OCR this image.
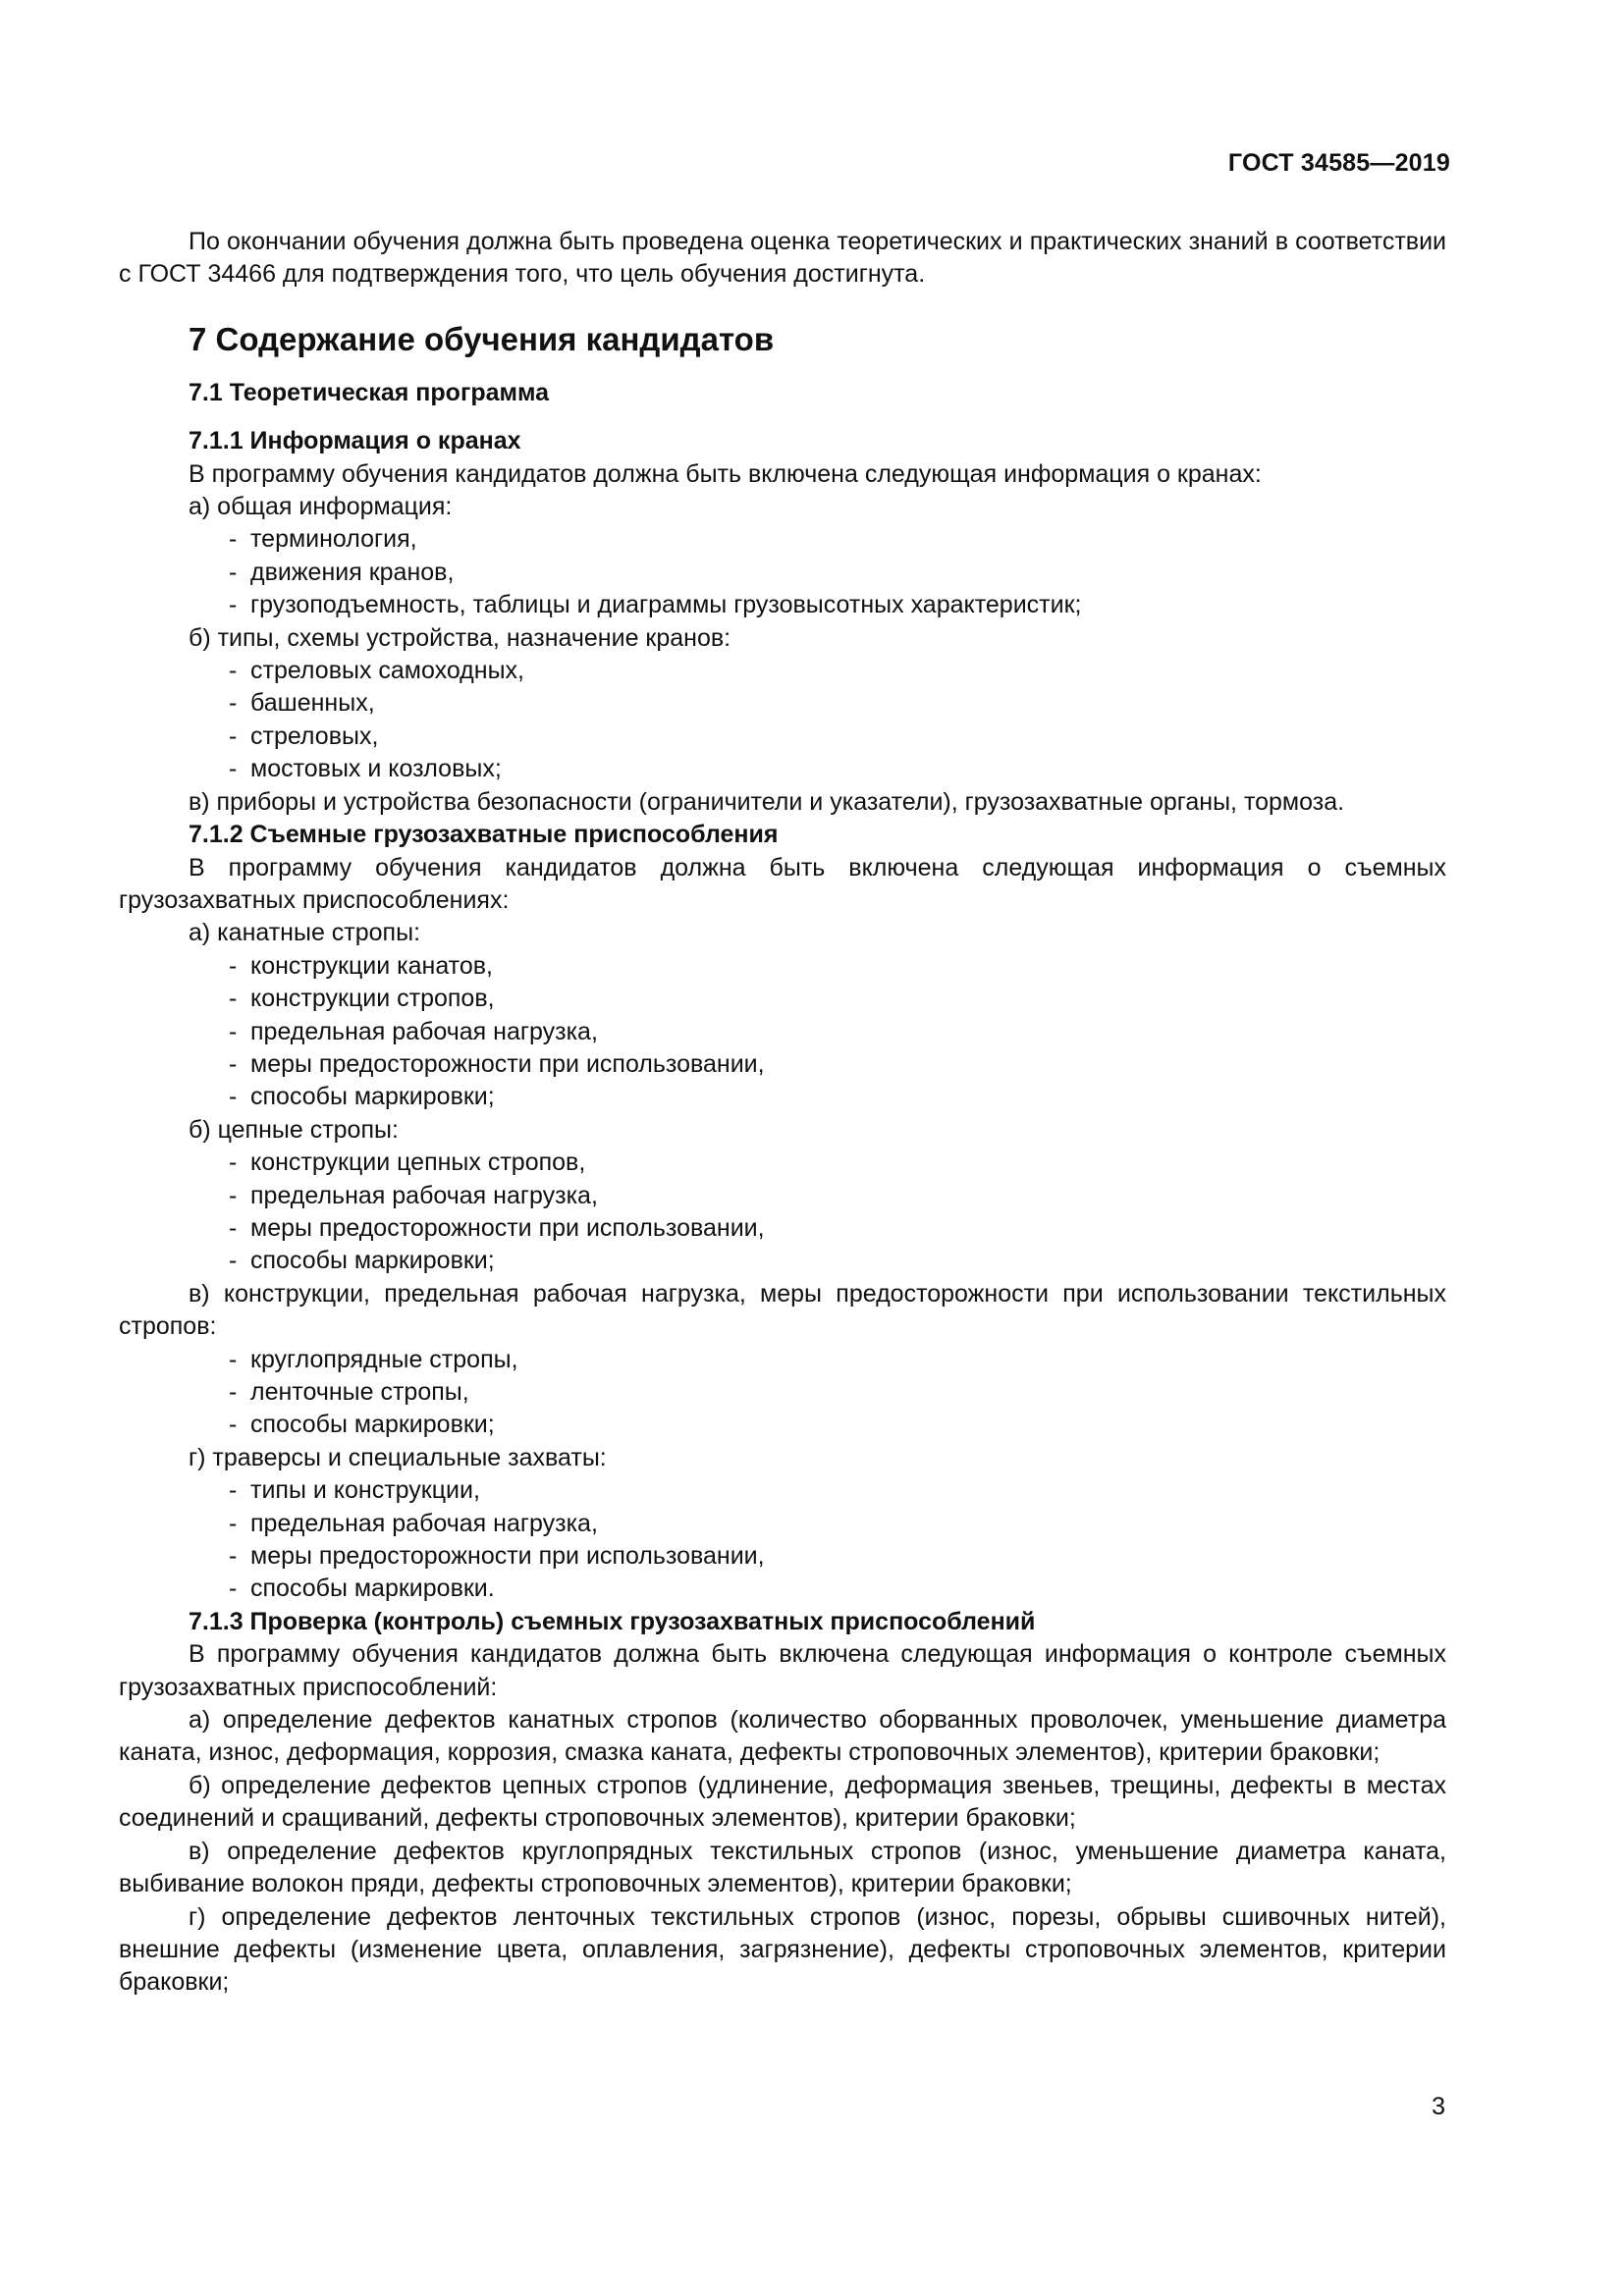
ГОСТ 34585—2019

По окончании обучения должна быть проведена оценка теоретических и практических знаний в соответствии с ГОСТ 34466 для подтверждения того, что цель обучения достигнута.

7 Содержание обучения кандидатов
7.1 Теоретическая программа
7.1.1 Информация о кранах

В программу обучения кандидатов должна быть включена следующая информация о кранах:

а) общая информация:

- терминология,
- движения кранов,
- грузоподъемность, таблицы и диаграммы грузовысотных характеристик;

б) типы, схемы устройства, назначение кранов:

- стреловых самоходных,
- башенных,
- стреловых,
- мостовых и козловых;

в) приборы и устройства безопасности (ограничители и указатели), грузозахватные органы, тормоза.

7.1.2 Съемные грузозахватные приспособления

В программу обучения кандидатов должна быть включена следующая информация о съемных грузозахватных приспособлениях:

а) канатные стропы:

- конструкции канатов,
- конструкции стропов,
- предельная рабочая нагрузка,
- меры предосторожности при использовании,
- способы маркировки;

б) цепные стропы:

- конструкции цепных стропов,
- предельная рабочая нагрузка,
- меры предосторожности при использовании,
- способы маркировки;

в) конструкции, предельная рабочая нагрузка, меры предосторожности при использовании текстильных стропов:

- круглопрядные стропы,
- ленточные стропы,
- способы маркировки;

г) траверсы и специальные захваты:

- типы и конструкции,
- предельная рабочая нагрузка,
- меры предосторожности при использовании,
- способы маркировки.
7.1.3 Проверка (контроль) съемных грузозахватных приспособлений

В программу обучения кандидатов должна быть включена следующая информация о контроле съемных грузозахватных приспособлений:

а) определение дефектов канатных стропов (количество оборванных проволочек, уменьшение диаметра каната, износ, деформация, коррозия, смазка каната, дефекты строповочных элементов), критерии браковки;

б) определение дефектов цепных стропов (удлинение, деформация звеньев, трещины, дефекты в местах соединений и сращиваний, дефекты строповочных элементов), критерии браковки;

в) определение дефектов круглопрядных текстильных стропов (износ, уменьшение диаметра каната, выбивание волокон пряди, дефекты строповочных элементов), критерии браковки;

г) определение дефектов ленточных текстильных стропов (износ, порезы, обрывы сшивочных нитей), внешние дефекты (изменение цвета, оплавления, загрязнение), дефекты строповочных элементов, критерии браковки;

3
